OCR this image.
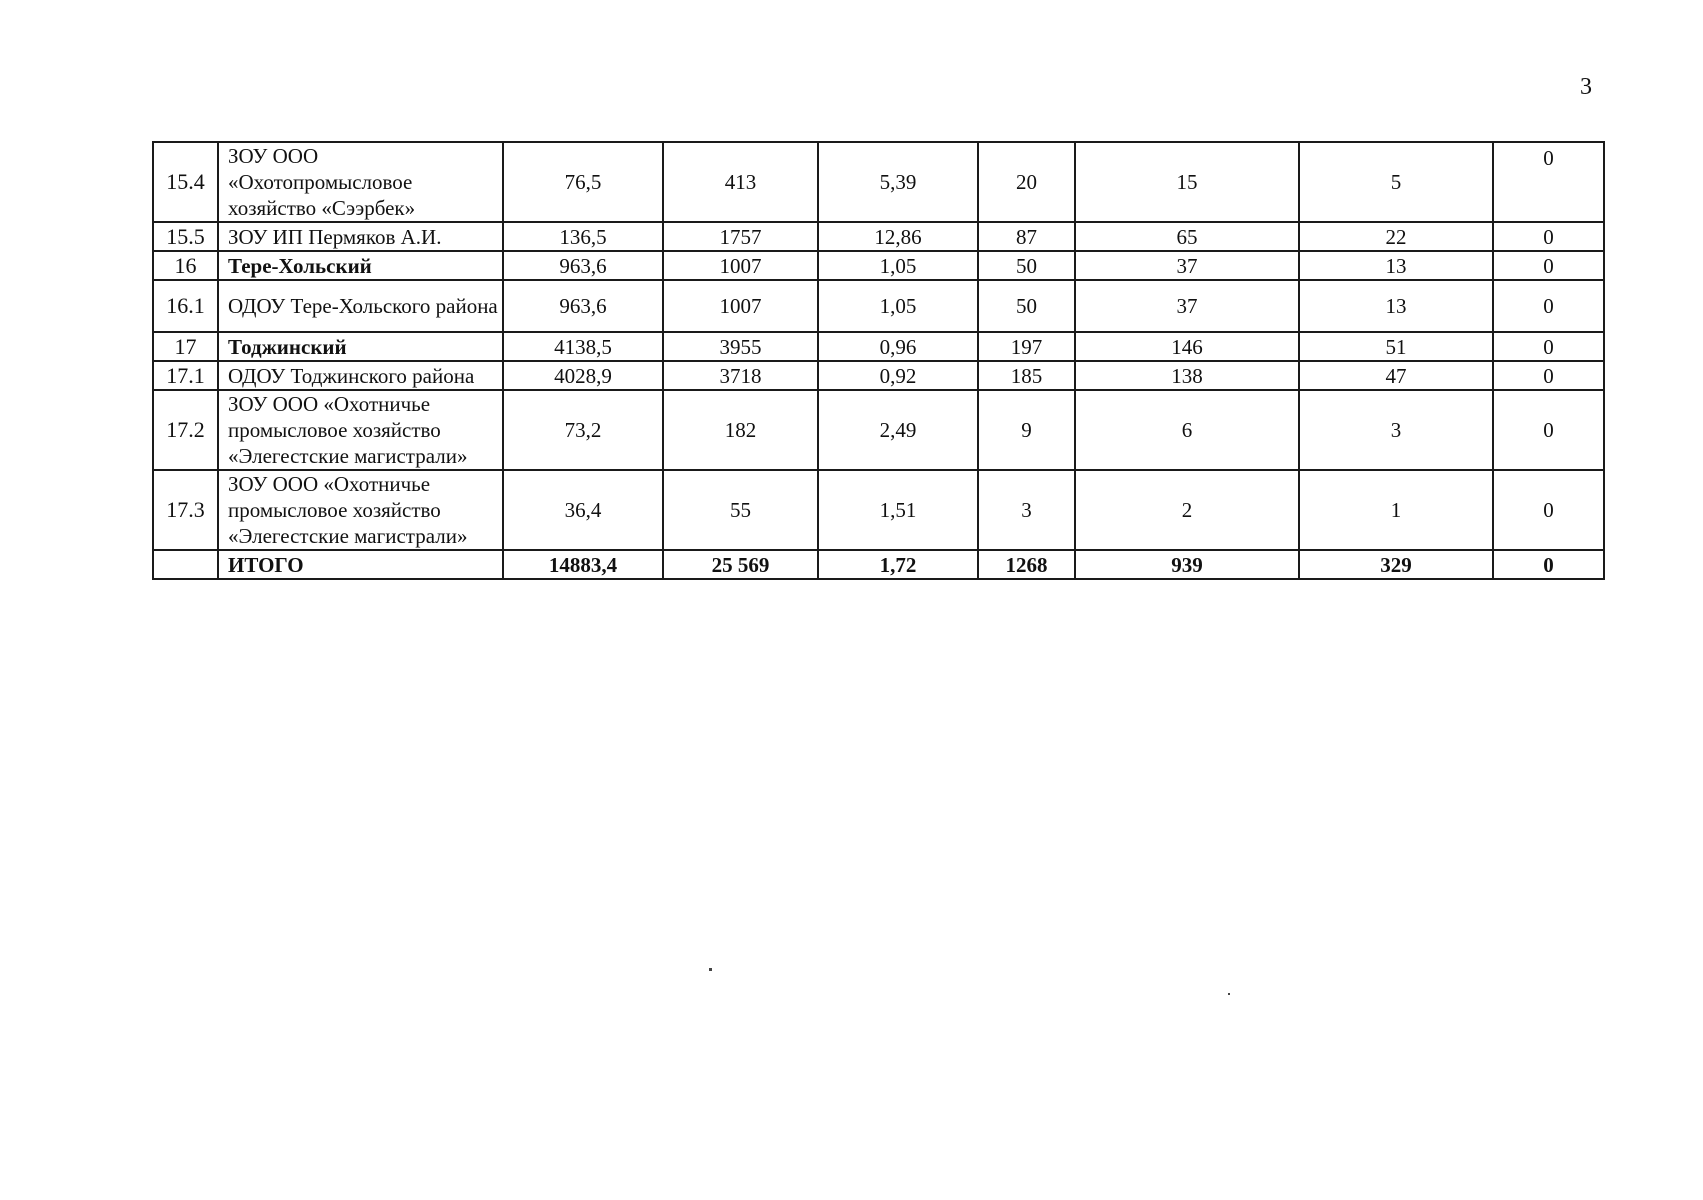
3
15.4	ЗОУ ООО «Охотопромысловое хозяйство «Сээрбек»	76,5	413	5,39	20	15	5	0
15.5	ЗОУ ИП Пермяков А.И.	136,5	1757	12,86	87	65	22	0
16	Тере-Хольский	963,6	1007	1,05	50	37	13	0
16.1	ОДОУ Тере-Хольского района	963,6	1007	1,05	50	37	13	0
17	Тоджинский	4138,5	3955	0,96	197	146	51	0
17.1	ОДОУ Тоджинского района	4028,9	3718	0,92	185	138	47	0
17.2	ЗОУ ООО «Охотничье промысловое хозяйство «Элегестские магистрали»	73,2	182	2,49	9	6	3	0
17.3	ЗОУ ООО «Охотничье промысловое хозяйство «Элегестские магистрали»	36,4	55	1,51	3	2	1	0
	ИТОГО	14883,4	25 569	1,72	1268	939	329	0
